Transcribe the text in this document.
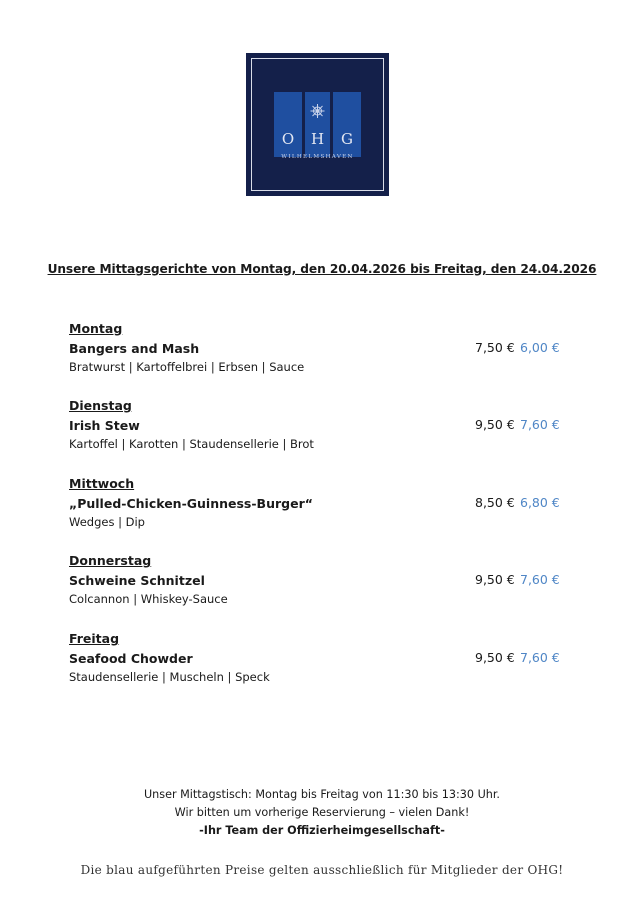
O H G
WILHELMSHAVEN
Unsere Mittagsgerichte von Montag, den 20.04.2026 bis Freitag, den 24.04.2026
Montag
Bangers and Mash	7,50 € 6,00 €
Bratwurst | Kartoffelbrei | Erbsen | Sauce
Dienstag
Irish Stew	9,50 € 7,60 €
Kartoffel | Karotten | Staudensellerie | Brot
Mittwoch
„Pulled-Chicken-Guinness-Burger“	8,50 € 6,80 €
Wedges | Dip
Donnerstag
Schweine Schnitzel	9,50 € 7,60 €
Colcannon | Whiskey-Sauce
Freitag
Seafood Chowder	9,50 € 7,60 €
Staudensellerie | Muscheln | Speck
Unser Mittagstisch: Montag bis Freitag von 11:30 bis 13:30 Uhr.
Wir bitten um vorherige Reservierung – vielen Dank!
-Ihr Team der Offizierheimgesellschaft-
Die blau aufgeführten Preise gelten ausschließlich für Mitglieder der OHG!
